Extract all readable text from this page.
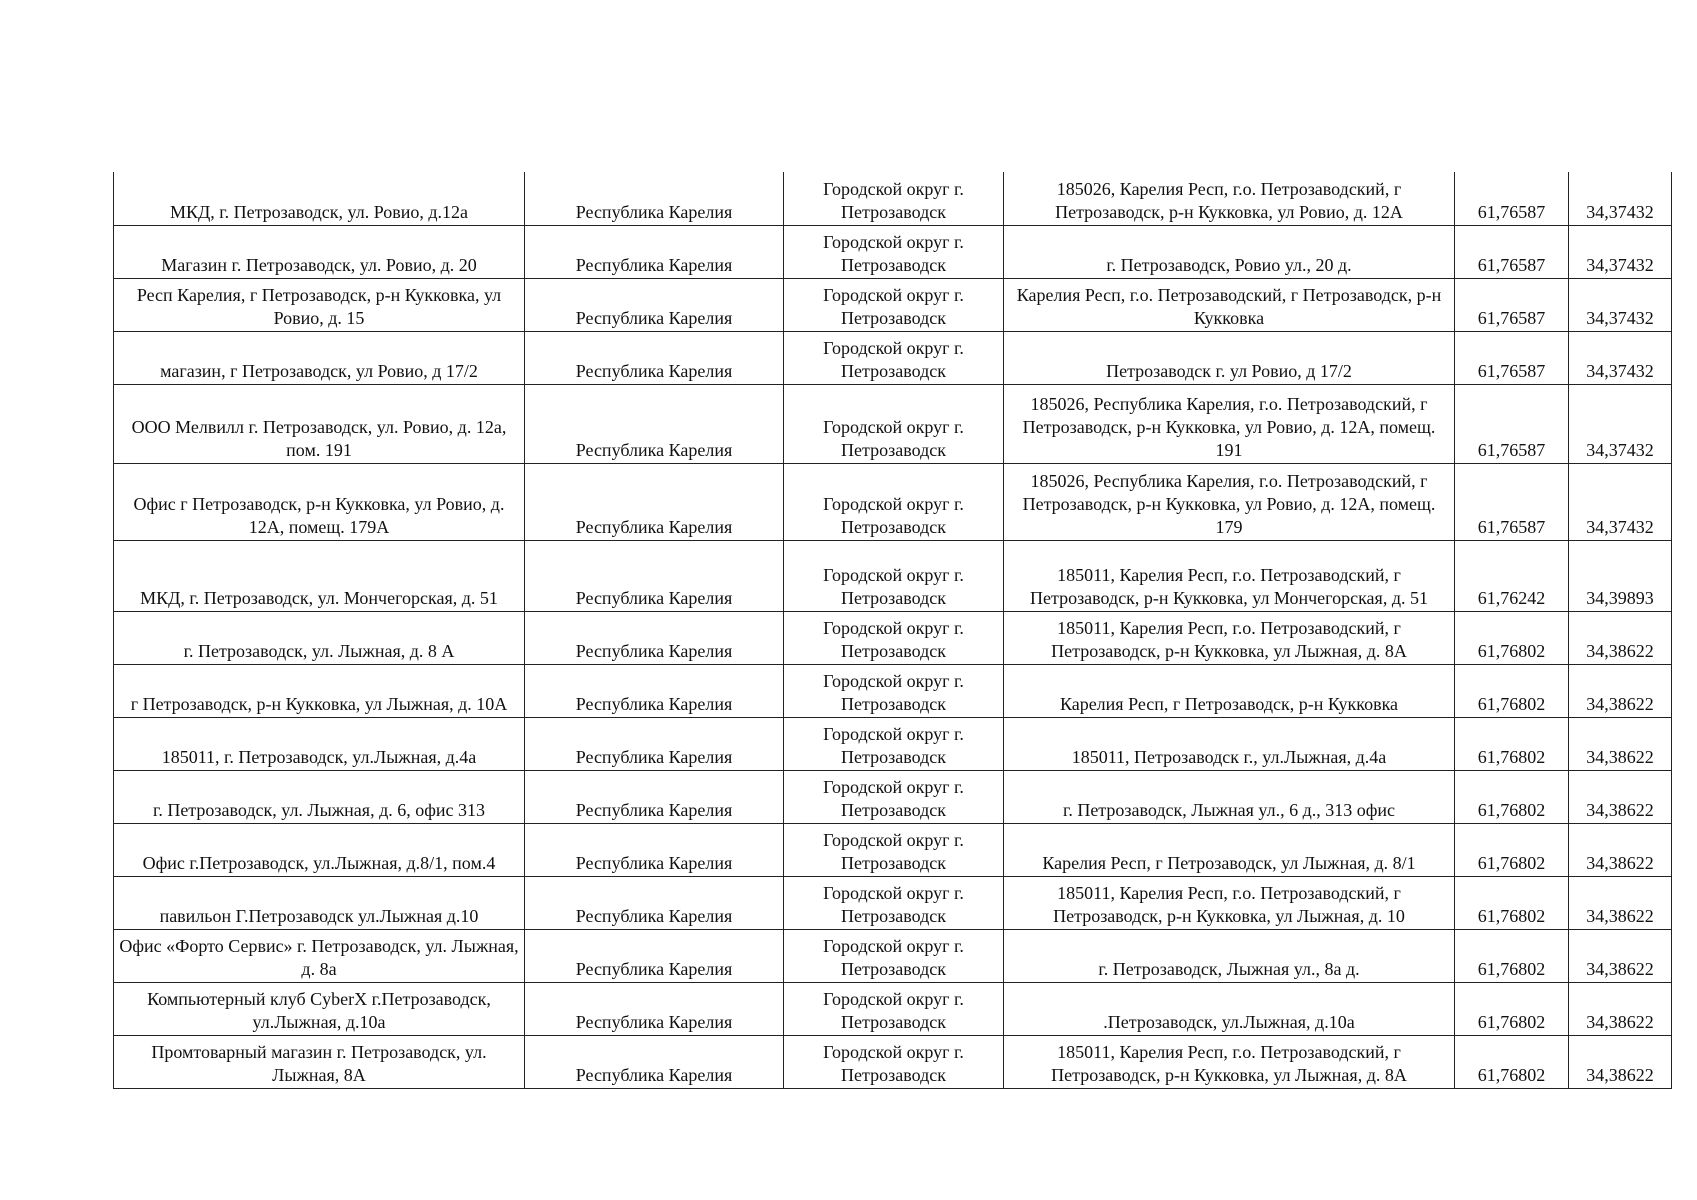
МКД, г. Петрозаводск, ул. Ровио, д.12а	Республика Карелия	Городской округ г. Петрозаводск	185026, Карелия Респ, г.о. Петрозаводский, г Петрозаводск, р-н Кукковка, ул Ровио, д. 12А	61,76587	34,37432
Магазин г. Петрозаводск, ул. Ровио, д. 20	Республика Карелия	Городской округ г. Петрозаводск	г. Петрозаводск, Ровио ул., 20 д.	61,76587	34,37432
Респ Карелия, г Петрозаводск, р-н Кукковка, ул Ровио, д. 15	Республика Карелия	Городской округ г. Петрозаводск	Карелия Респ, г.о. Петрозаводский, г Петрозаводск, р-н Кукковка	61,76587	34,37432
магазин, г Петрозаводск, ул Ровио, д 17/2	Республика Карелия	Городской округ г. Петрозаводск	Петрозаводск г. ул Ровио, д 17/2	61,76587	34,37432
ООО Мелвилл г. Петрозаводск, ул. Ровио, д. 12а, пом. 191	Республика Карелия	Городской округ г. Петрозаводск	185026, Республика Карелия, г.о. Петрозаводский, г Петрозаводск, р-н Кукковка, ул Ровио, д. 12А, помещ. 191	61,76587	34,37432
Офис г Петрозаводск, р-н Кукковка, ул Ровио, д. 12А, помещ. 179А	Республика Карелия	Городской округ г. Петрозаводск	185026, Республика Карелия, г.о. Петрозаводский, г Петрозаводск, р-н Кукковка, ул Ровио, д. 12А, помещ. 179	61,76587	34,37432
МКД, г. Петрозаводск, ул. Мончегорская, д. 51	Республика Карелия	Городской округ г. Петрозаводск	185011, Карелия Респ, г.о. Петрозаводский, г Петрозаводск, р-н Кукковка, ул Мончегорская, д. 51	61,76242	34,39893
г. Петрозаводск, ул. Лыжная, д. 8 А	Республика Карелия	Городской округ г. Петрозаводск	185011, Карелия Респ, г.о. Петрозаводский, г Петрозаводск, р-н Кукковка, ул Лыжная, д. 8А	61,76802	34,38622
г Петрозаводск, р-н Кукковка, ул Лыжная, д. 10А	Республика Карелия	Городской округ г. Петрозаводск	Карелия Респ, г Петрозаводск, р-н Кукковка	61,76802	34,38622
185011, г. Петрозаводск, ул.Лыжная, д.4а	Республика Карелия	Городской округ г. Петрозаводск	185011, Петрозаводск г., ул.Лыжная, д.4а	61,76802	34,38622
г. Петрозаводск, ул. Лыжная, д. 6, офис 313	Республика Карелия	Городской округ г. Петрозаводск	г. Петрозаводск, Лыжная ул., 6 д., 313 офис	61,76802	34,38622
Офис г.Петрозаводск, ул.Лыжная, д.8/1, пом.4	Республика Карелия	Городской округ г. Петрозаводск	Карелия Респ, г Петрозаводск, ул Лыжная, д. 8/1	61,76802	34,38622
павильон Г.Петрозаводск ул.Лыжная д.10	Республика Карелия	Городской округ г. Петрозаводск	185011, Карелия Респ, г.о. Петрозаводский, г Петрозаводск, р-н Кукковка, ул Лыжная, д. 10	61,76802	34,38622
Офис «Форто Сервис» г. Петрозаводск, ул. Лыжная, д. 8а	Республика Карелия	Городской округ г. Петрозаводск	г. Петрозаводск, Лыжная ул., 8а д.	61,76802	34,38622
Компьютерный клуб CyberX г.Петрозаводск, ул.Лыжная, д.10а	Республика Карелия	Городской округ г. Петрозаводск	.Петрозаводск, ул.Лыжная, д.10а	61,76802	34,38622
Промтоварный магазин г. Петрозаводск, ул. Лыжная, 8А	Республика Карелия	Городской округ г. Петрозаводск	185011, Карелия Респ, г.о. Петрозаводский, г Петрозаводск, р-н Кукковка, ул Лыжная, д. 8А	61,76802	34,38622
